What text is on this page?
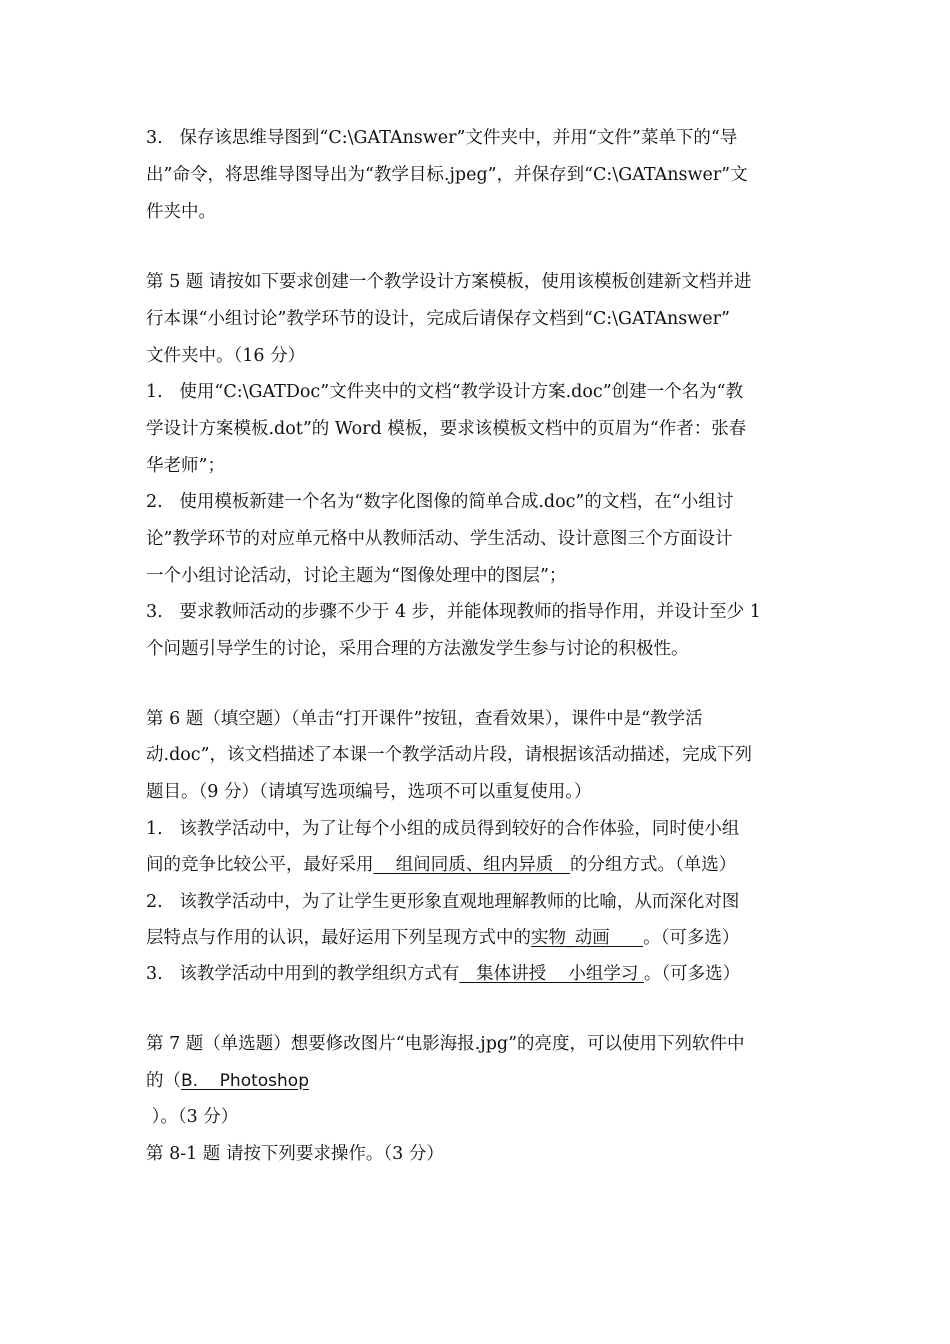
3.   保存该思维导图到“C:\GATAnswer”文件夹中，并用“文件”菜单下的“导
出”命令，将思维导图导出为“教学目标.jpeg”，并保存到“C:\GATAnswer”文
件夹中。
第 5 题 请按如下要求创建一个教学设计方案模板，使用该模板创建新文档并进
行本课“小组讨论”教学环节的设计，完成后请保存文档到“C:\GATAnswer”
文件夹中。（16 分）
1.   使用“C:\GATDoc”文件夹中的文档“教学设计方案.doc”创建一个名为“教
学设计方案模板.dot”的 Word 模板，要求该模板文档中的页眉为“作者：张春
华老师”；
2.   使用模板新建一个名为“数字化图像的简单合成.doc”的文档，在“小组讨
论”教学环节的对应单元格中从教师活动、学生活动、设计意图三个方面设计
一个小组讨论活动，讨论主题为“图像处理中的图层”；
3.   要求教师活动的步骤不少于 4 步，并能体现教师的指导作用，并设计至少 1
个问题引导学生的讨论，采用合理的方法激发学生参与讨论的积极性。
第 6 题（填空题）（单击“打开课件”按钮，查看效果），课件中是“教学活
动.doc”，该文档描述了本课一个教学活动片段，请根据该活动描述，完成下列
题目。（9 分）（请填写选项编号，选项不可以重复使用。）
1.   该教学活动中，为了让每个小组的成员得到较好的合作体验，同时使小组
间的竞争比较公平，最好采用    组间同质、组内异质   的分组方式。（单选）
2.   该教学活动中，为了让学生更形象直观地理解教师的比喻，从而深化对图
层特点与作用的认识，最好运用下列呈现方式中的实物_动画      。（可多选）
3.   该教学活动中用到的教学组织方式有   集体讲授    小组学习 。（可多选）
第 7 题（单选题）想要修改图片“电影海报.jpg”的亮度，可以使用下列软件中
的（B.    Photoshop
）。（3 分）
第 8-1 题 请按下列要求操作。（3 分）
